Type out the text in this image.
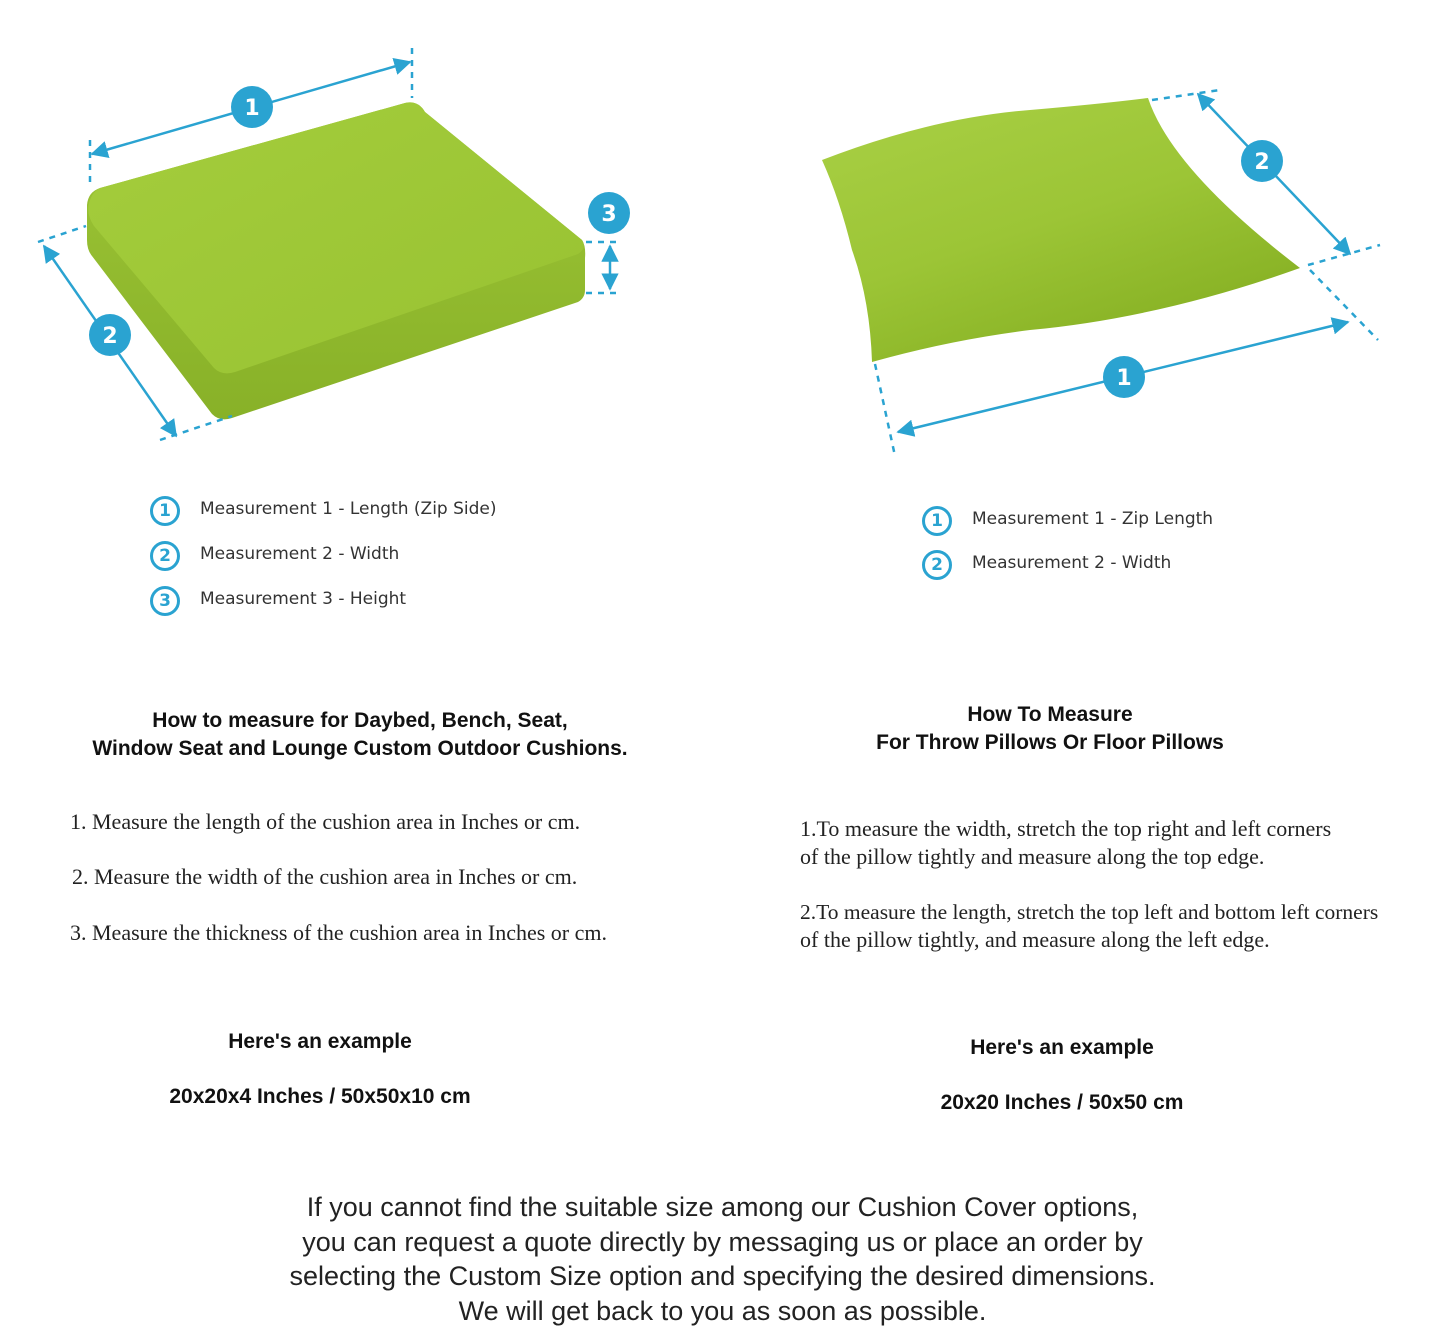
1
2
3
1
2
1	Measurement 1 - Length (Zip Side)
2	Measurement 2 - Width
3	Measurement 3 - Height
1	Measurement 1 - Zip Length
2	Measurement 2 - Width
How to measure for Daybed, Bench, Seat,
Window Seat and Lounge Custom Outdoor Cushions.
How To Measure
For Throw Pillows Or Floor Pillows
1. Measure the length of the cushion area in Inches or cm.
2. Measure the width of the cushion area in Inches or cm.
3. Measure the thickness of the cushion area in Inches or cm.
1.To measure the width, stretch the top right and left corners
of the pillow tightly and measure along the top edge.
2.To measure the length, stretch the top left and bottom left corners
of the pillow tightly, and measure along the left edge.
Here's an example
20x20x4 Inches / 50x50x10 cm
Here's an example
20x20 Inches / 50x50 cm
If you cannot find the suitable size among our Cushion Cover options,
you can request a quote directly by messaging us or place an order by
selecting the Custom Size option and specifying the desired dimensions.
We will get back to you as soon as possible.
